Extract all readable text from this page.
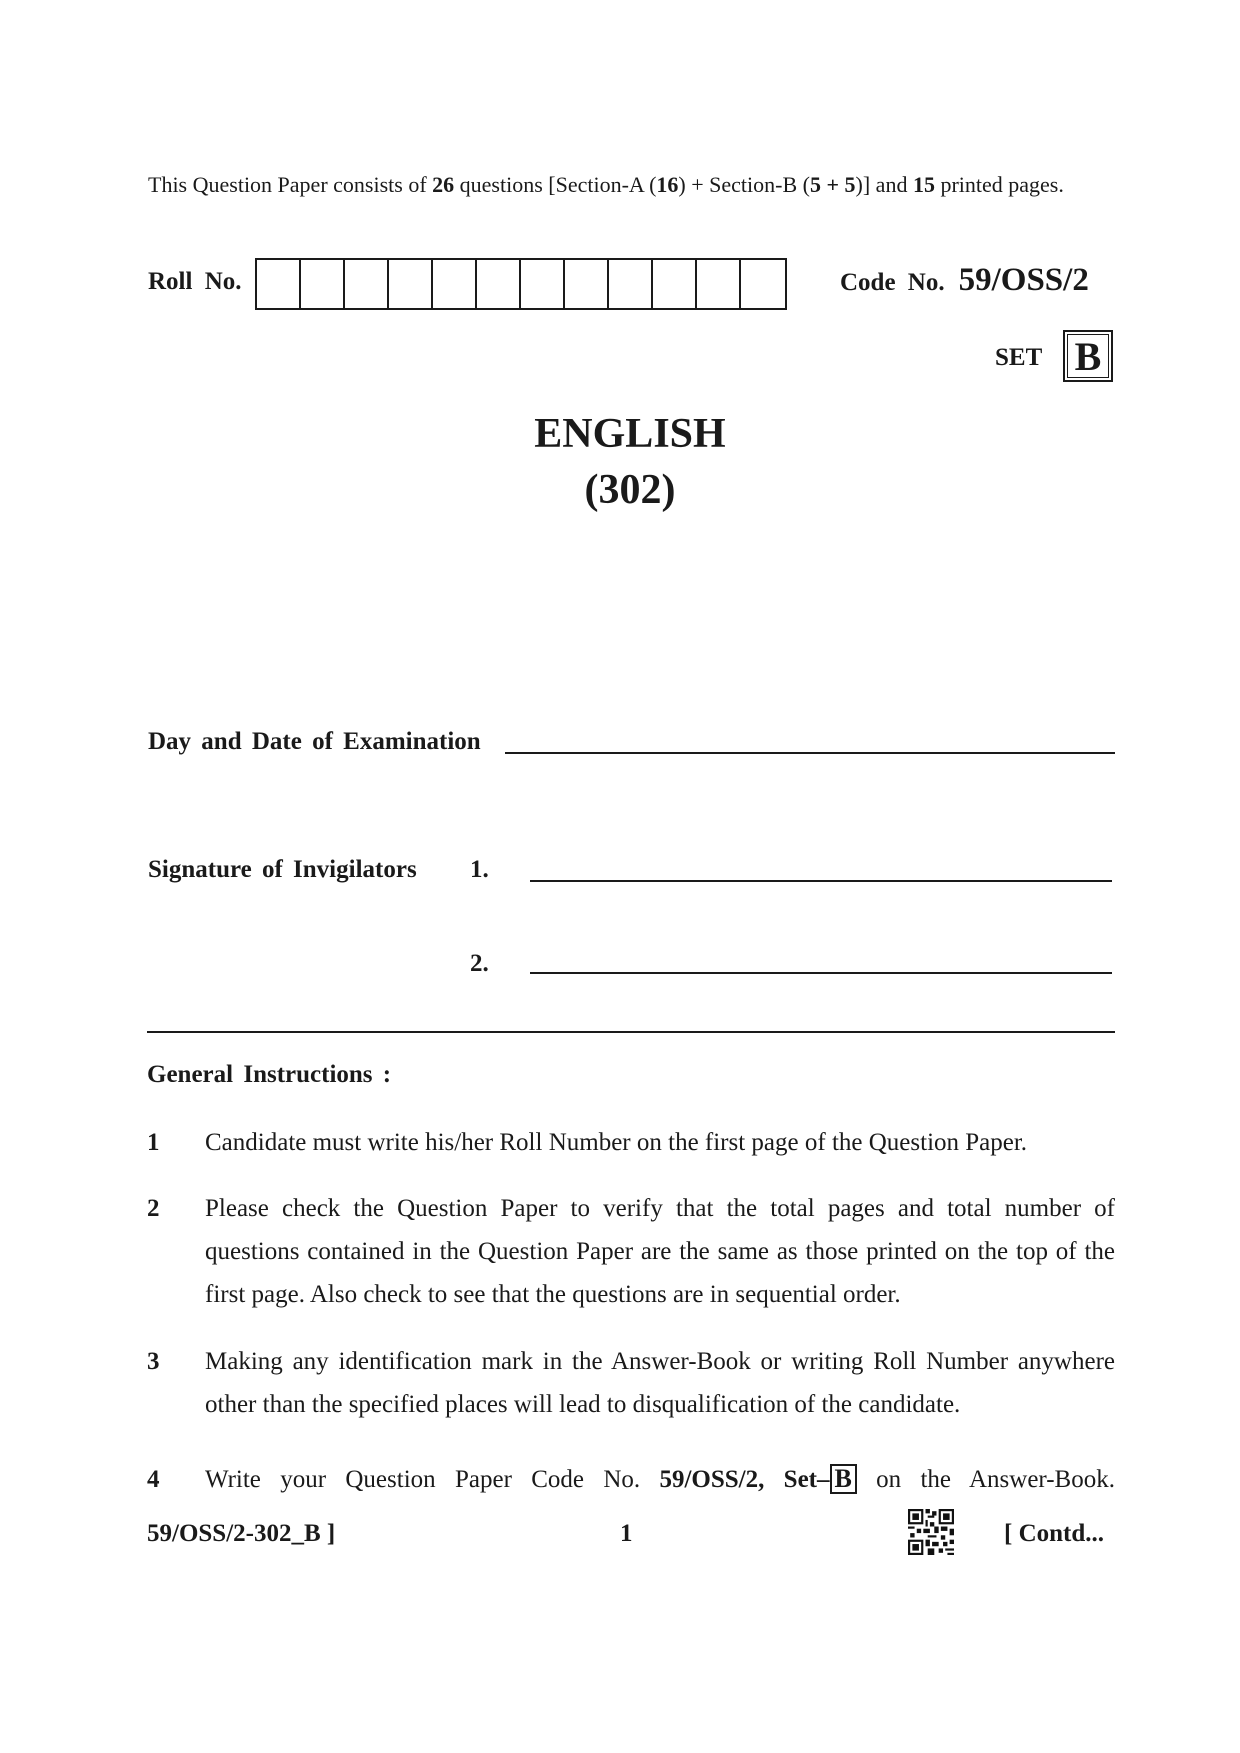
This Question Paper consists of 26 questions [Section-A (16) + Section-B (5 + 5)] and 15 printed pages.
Roll No.	Code No. 59/OSS/2
SET B
ENGLISH
(302)
Day and Date of Examination
Signature of Invigilators 1.
2.
General Instructions :
1 Candidate must write his/her Roll Number on the first page of the Question Paper.
2 Please check the Question Paper to verify that the total pages and total number of questions contained in the Question Paper are the same as those printed on the top of the first page. Also check to see that the questions are in sequential order.
3 Making any identification mark in the Answer-Book or writing Roll Number anywhere other than the specified places will lead to disqualification of the candidate.
4 Write your Question Paper Code No. 59/OSS/2, Set– B on the Answer-Book.
59/OSS/2-302_B ]	1	[ Contd...
